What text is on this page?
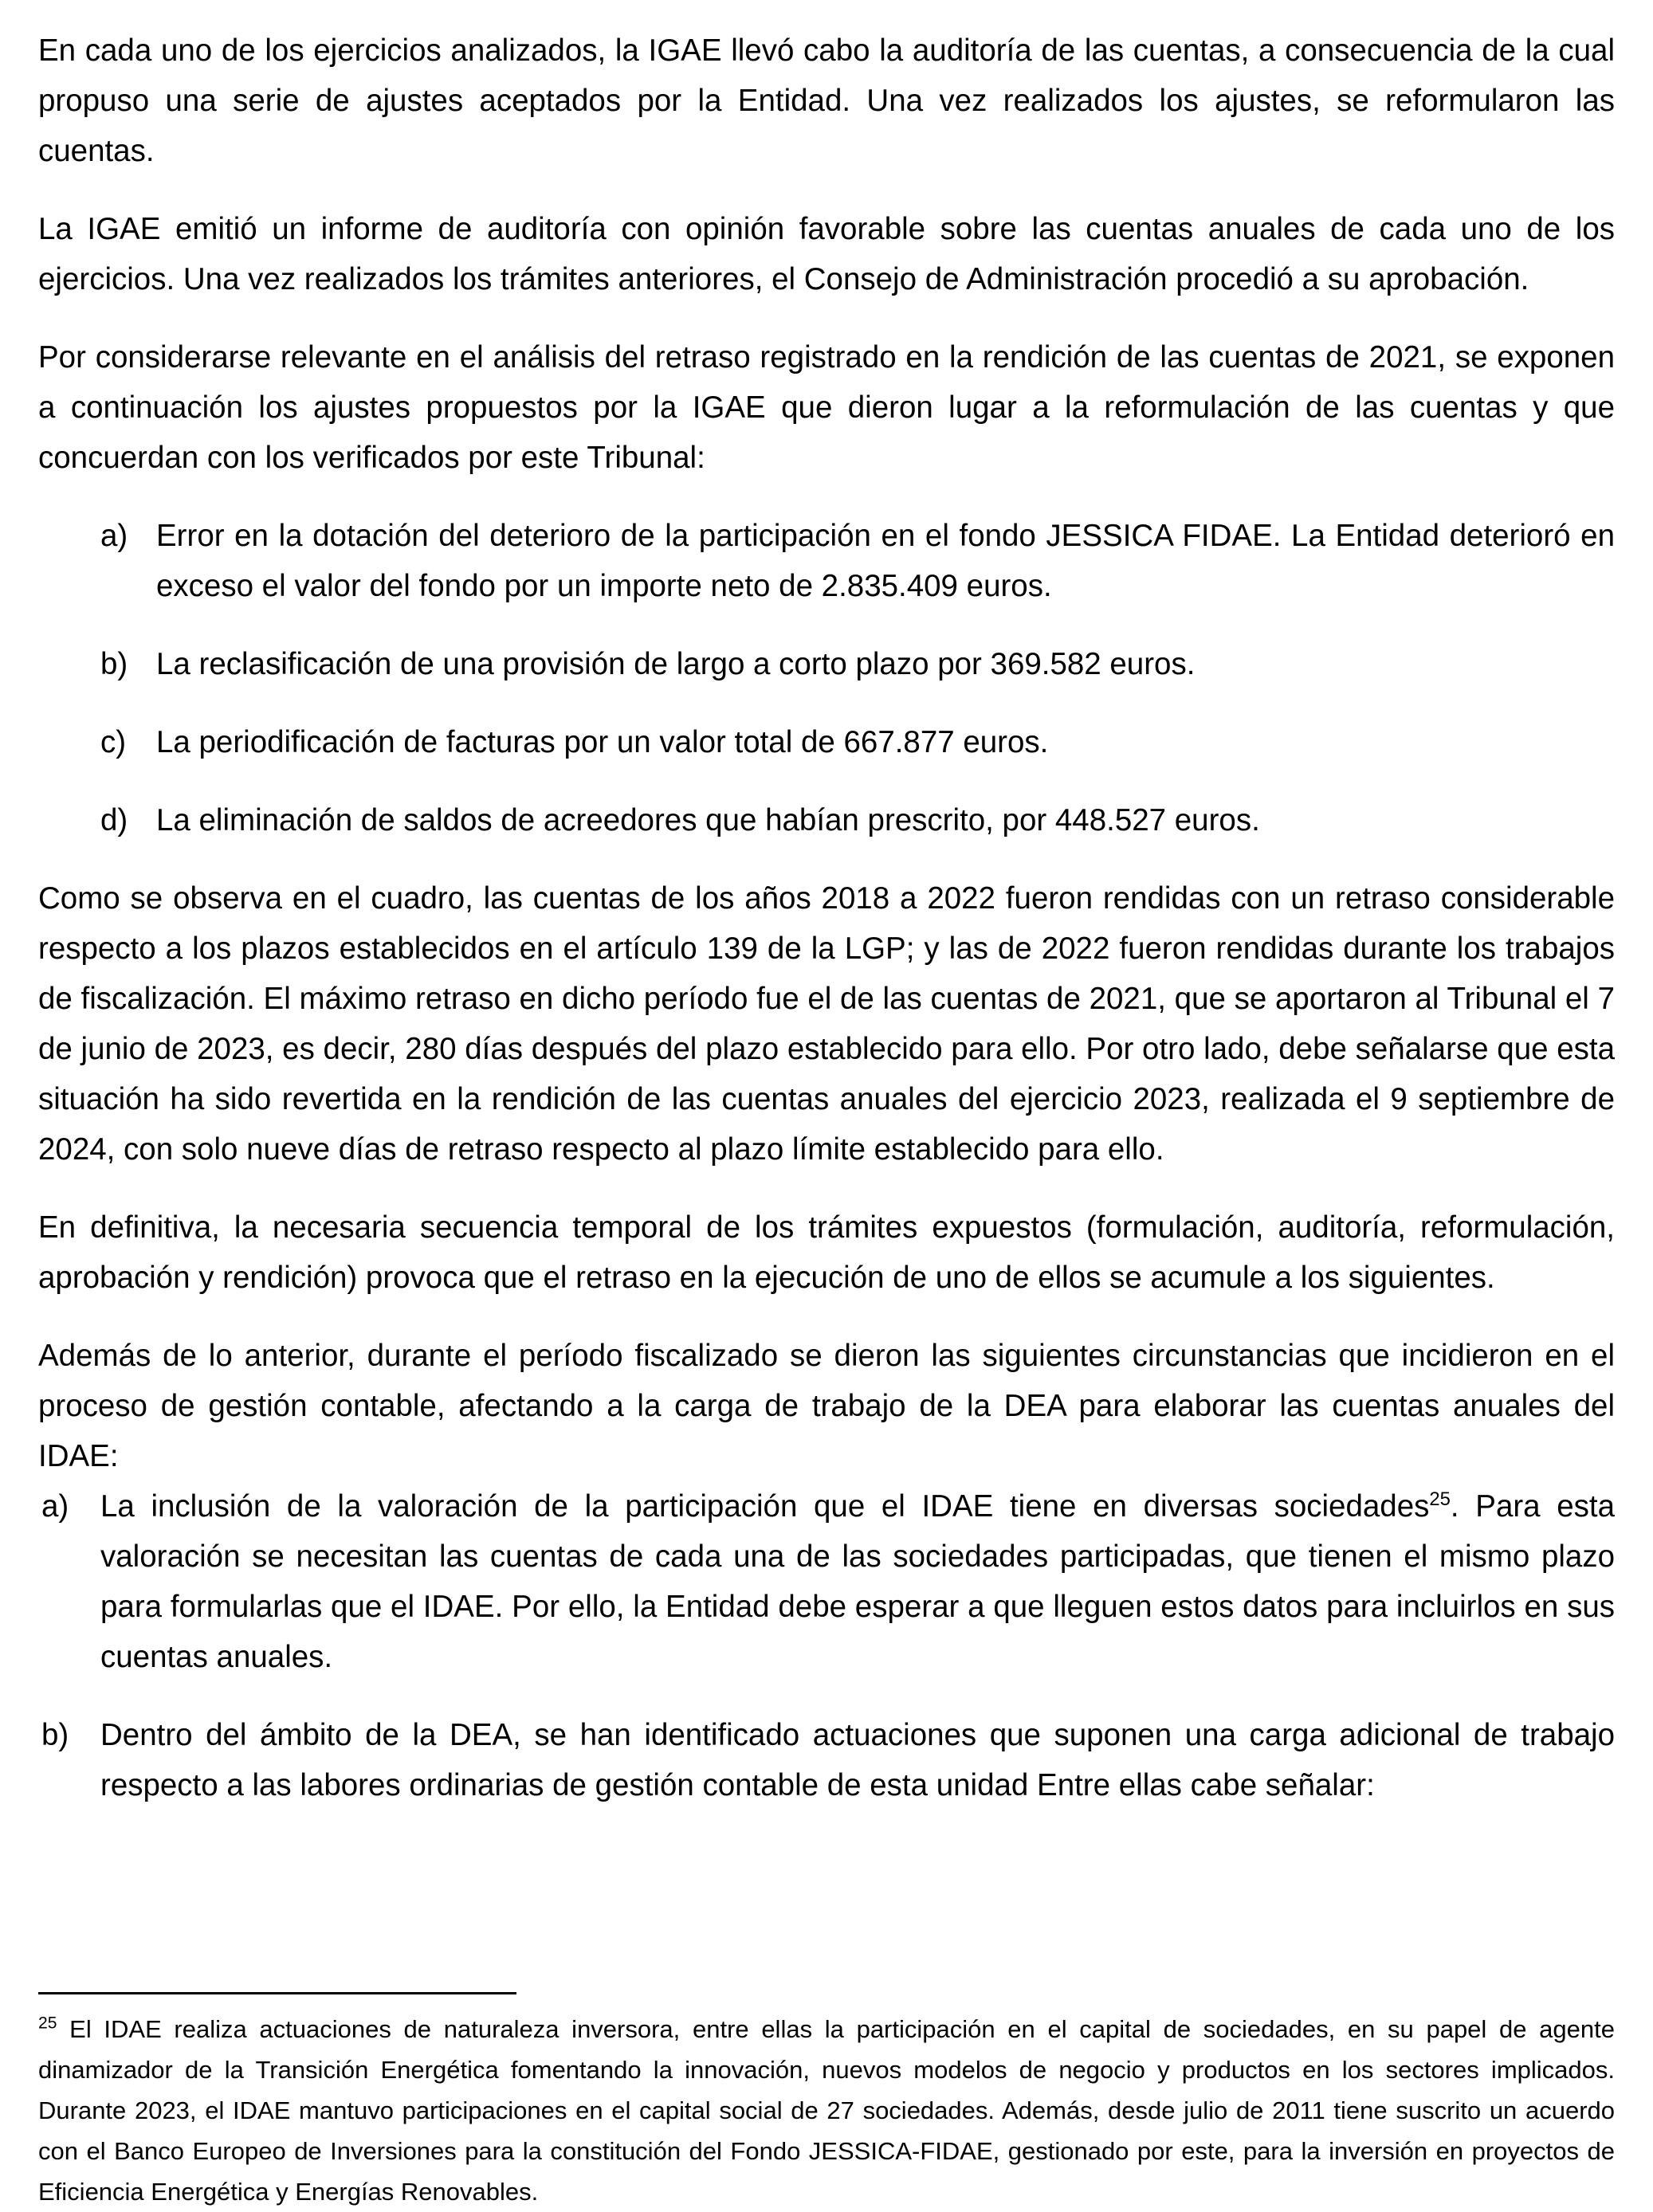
En cada uno de los ejercicios analizados, la IGAE llevó cabo la auditoría de las cuentas, a consecuencia de la cual propuso una serie de ajustes aceptados por la Entidad. Una vez realizados los ajustes, se reformularon las cuentas.

La IGAE emitió un informe de auditoría con opinión favorable sobre las cuentas anuales de cada uno de los ejercicios. Una vez realizados los trámites anteriores, el Consejo de Administración procedió a su aprobación.

Por considerarse relevante en el análisis del retraso registrado en la rendición de las cuentas de 2021, se exponen a continuación los ajustes propuestos por la IGAE que dieron lugar a la reformulación de las cuentas y que concuerdan con los verificados por este Tribunal:

a) Error en la dotación del deterioro de la participación en el fondo JESSICA FIDAE. La Entidad deterioró en exceso el valor del fondo por un importe neto de 2.835.409 euros.
b) La reclasificación de una provisión de largo a corto plazo por 369.582 euros.
c) La periodificación de facturas por un valor total de 667.877 euros.
d) La eliminación de saldos de acreedores que habían prescrito, por 448.527 euros.

Como se observa en el cuadro, las cuentas de los años 2018 a 2022 fueron rendidas con un retraso considerable respecto a los plazos establecidos en el artículo 139 de la LGP; y las de 2022 fueron rendidas durante los trabajos de fiscalización. El máximo retraso en dicho período fue el de las cuentas de 2021, que se aportaron al Tribunal el 7 de junio de 2023, es decir, 280 días después del plazo establecido para ello. Por otro lado, debe señalarse que esta situación ha sido revertida en la rendición de las cuentas anuales del ejercicio 2023, realizada el 9 septiembre de 2024, con solo nueve días de retraso respecto al plazo límite establecido para ello.

En definitiva, la necesaria secuencia temporal de los trámites expuestos (formulación, auditoría, reformulación, aprobación y rendición) provoca que el retraso en la ejecución de uno de ellos se acumule a los siguientes.

Además de lo anterior, durante el período fiscalizado se dieron las siguientes circunstancias que incidieron en el proceso de gestión contable, afectando a la carga de trabajo de la DEA para elaborar las cuentas anuales del IDAE:

a)	La inclusión de la valoración de la participación que el IDAE tiene en diversas sociedades$^{25}$. Para esta valoración se necesitan las cuentas de cada una de las sociedades participadas, que tienen el mismo plazo para formularlas que el IDAE. Por ello, la Entidad debe esperar a que lleguen estos datos para incluirlos en sus cuentas anuales.
b)	Dentro del ámbito de la DEA, se han identificado actuaciones que suponen una carga adicional de trabajo respecto a las labores ordinarias de gestión contable de esta unidad Entre ellas cabe señalar:

$^{25}$ El IDAE realiza actuaciones de naturaleza inversora, entre ellas la participación en el capital de sociedades, en su papel de agente dinamizador de la Transición Energética fomentando la innovación, nuevos modelos de negocio y productos en los sectores implicados. Durante 2023, el IDAE mantuvo participaciones en el capital social de 27 sociedades. Además, desde julio de 2011 tiene suscrito un acuerdo con el Banco Europeo de Inversiones para la constitución del Fondo JESSICA-FIDAE, gestionado por este, para la inversión en proyectos de Eficiencia Energética y Energías Renovables.
